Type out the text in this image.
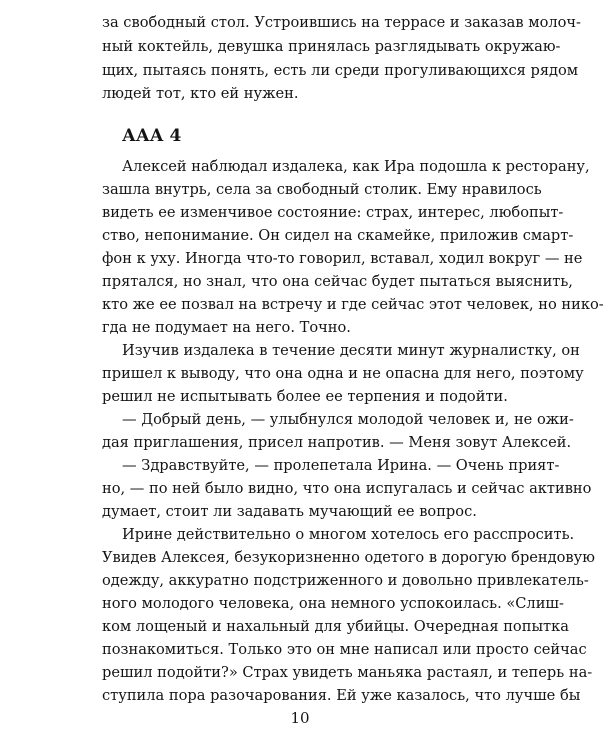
за свободный стол. Устроившись на террасе и заказав молоч-
ный коктейль, девушка принялась разглядывать окружаю-
щих, пытаясь понять, есть ли среди прогуливающихся рядом
людей тот, кто ей нужен.
ААА 4
Алексей наблюдал издалека, как Ира подошла к ресторану,
зашла внутрь, села за свободный столик. Ему нравилось
видеть ее изменчивое состояние: страх, интерес, любопыт-
ство, непонимание. Он сидел на скамейке, приложив смарт-
фон к уху. Иногда что-то говорил, вставал, ходил вокруг — не
прятался, но знал, что она сейчас будет пытаться выяснить,
кто же ее позвал на встречу и где сейчас этот человек, но нико-
гда не подумает на него. Точно.
Изучив издалека в течение десяти минут журналистку, он
пришел к выводу, что она одна и не опасна для него, поэтому
решил не испытывать более ее терпения и подойти.
— Добрый день, — улыбнулся молодой человек и, не ожи-
дая приглашения, присел напротив. — Меня зовут Алексей.
— Здравствуйте, — пролепетала Ирина. — Очень прият-
но, — по ней было видно, что она испугалась и сейчас активно
думает, стоит ли задавать мучающий ее вопрос.
Ирине действительно о многом хотелось его расспросить.
Увидев Алексея, безукоризненно одетого в дорогую брендовую
одежду, аккуратно подстриженного и довольно привлекатель-
ного молодого человека, она немного успокоилась. «Слиш-
ком лощеный и нахальный для убийцы. Очередная попытка
познакомиться. Только это он мне написал или просто сейчас
решил подойти?» Страх увидеть маньяка растаял, и теперь на-
ступила пора разочарования. Ей уже казалось, что лучше бы
10
